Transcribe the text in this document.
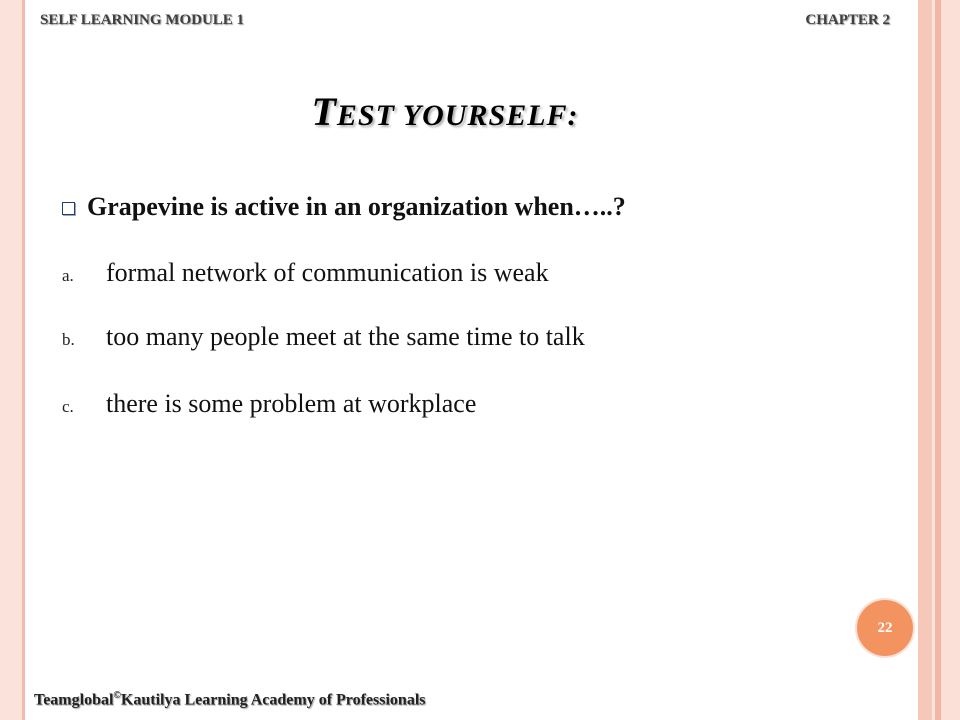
SELF LEARNING MODULE 1	CHAPTER 2
TEST YOURSELF:
Grapevine is active in an organization when…..?
a.	formal network of communication is weak
b.	too many people meet at the same time to talk
c.	there is some problem at workplace
22
Teamglobal©Kautilya Learning Academy of Professionals
